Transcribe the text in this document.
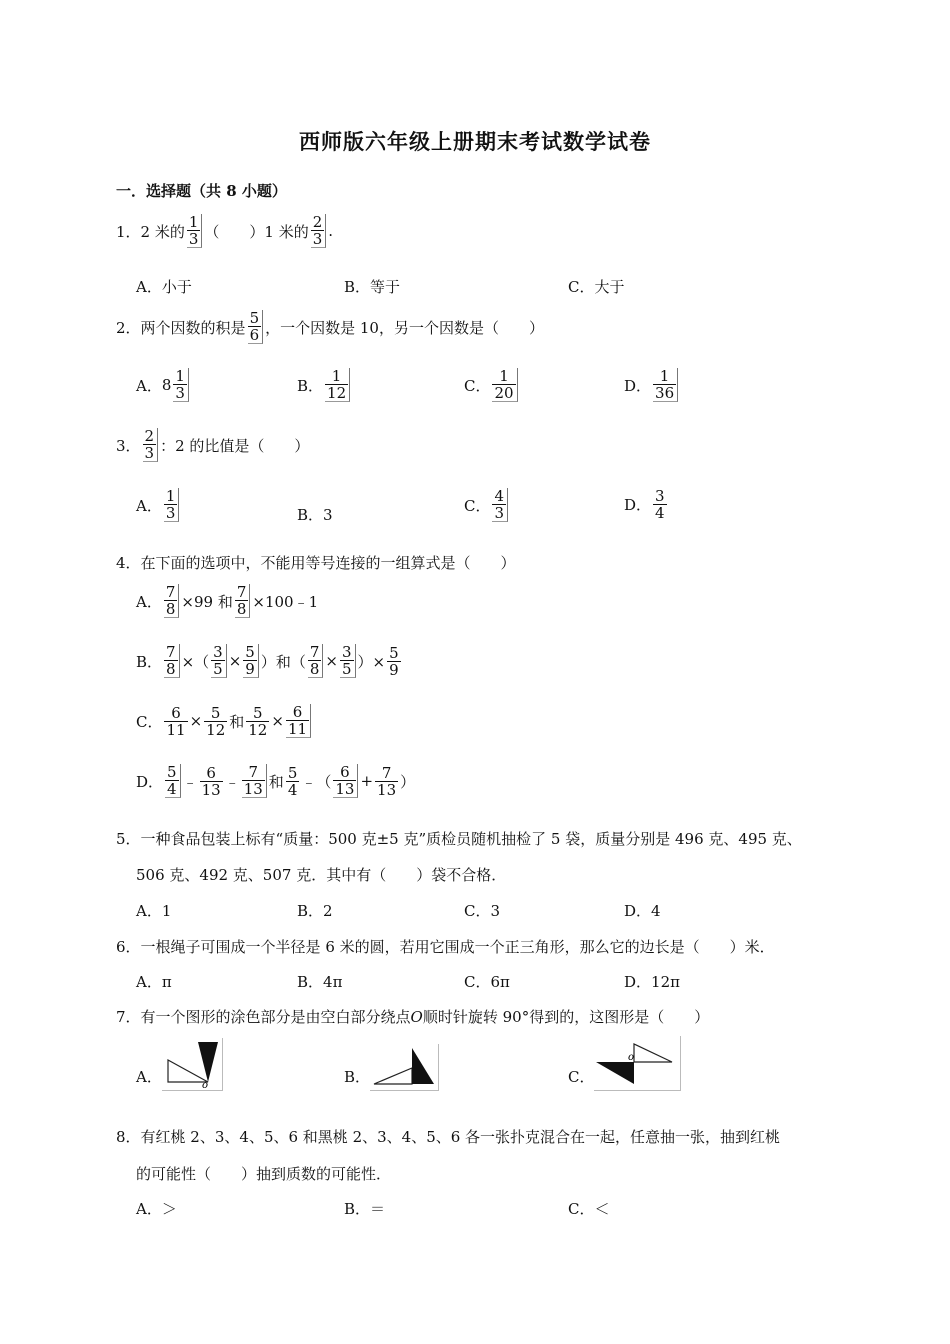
西师版六年级上册期末考试数学试卷
一．选择题（共 8 小题）
1． 2 米的 $\frac{1}{3}$ （　　）1 米的 $\frac{2}{3}$ .
A．小于	B．等于	C．大于
2． 两个因数的积是 $\frac{5}{6}$ ，一个因数是 10，另一个因数是（　　）
A． $8 \frac{1}{3}$	B． $\frac{1}{12}$	C． $\frac{1}{20}$	D． $\frac{1}{36}$
3． $\frac{2}{3}$ ：2 的比值是（　　）
A． $\frac{1}{3}$	B．3
C． $\frac{4}{3}$	D． $\frac{3}{4}$
4． 在下面的选项中，不能用等号连接的一组算式是（　　）
A． $\frac{7}{8} \times 99$ 和 $\frac{7}{8}$ ×100﹣1
B． $\frac{7}{8}$ ×（ $\frac{3}{5} \times \frac{5}{9}$ ）和（ $\frac{7}{8} \times \frac{3}{5}$ ）× $\frac{5}{9}$
C． $\frac{6}{11} \times \frac{5}{12}$ 和 $\frac{5}{12} \times \frac{6}{11}$
D． $\frac{5}{4}$ ﹣ $\frac{6}{13}$ ﹣ $\frac{7}{13}$ 和 $\frac{5}{4}$ ﹣（ $\frac{6}{13} + \frac{7}{13}$ ）
5．一种食品包装上标有“质量：500 克±5 克”质检员随机抽检了 5 袋，质量分别是 496 克、495 克、
506 克、492 克、507 克．其中有（　　）袋不合格．
A．1	B．2	C．3	D．4
6．一根绳子可围成一个半径是 6 米的圆，若用它围成一个正三角形，那么它的边长是（　　）米．
A．π	B．4π	C．6π	D．12π
7．有一个图形的涂色部分是由空白部分绕点 O 顺时针旋转 90°得到的，这图形是（　　）
A．	o	B．	C．
o
8．有红桃 2、3、4、5、6 和黑桃 2、3、4、5、6 各一张扑克混合在一起，任意抽一张，抽到红桃
的可能性（　　）抽到质数的可能性．
A．＞	B．＝	C．＜
